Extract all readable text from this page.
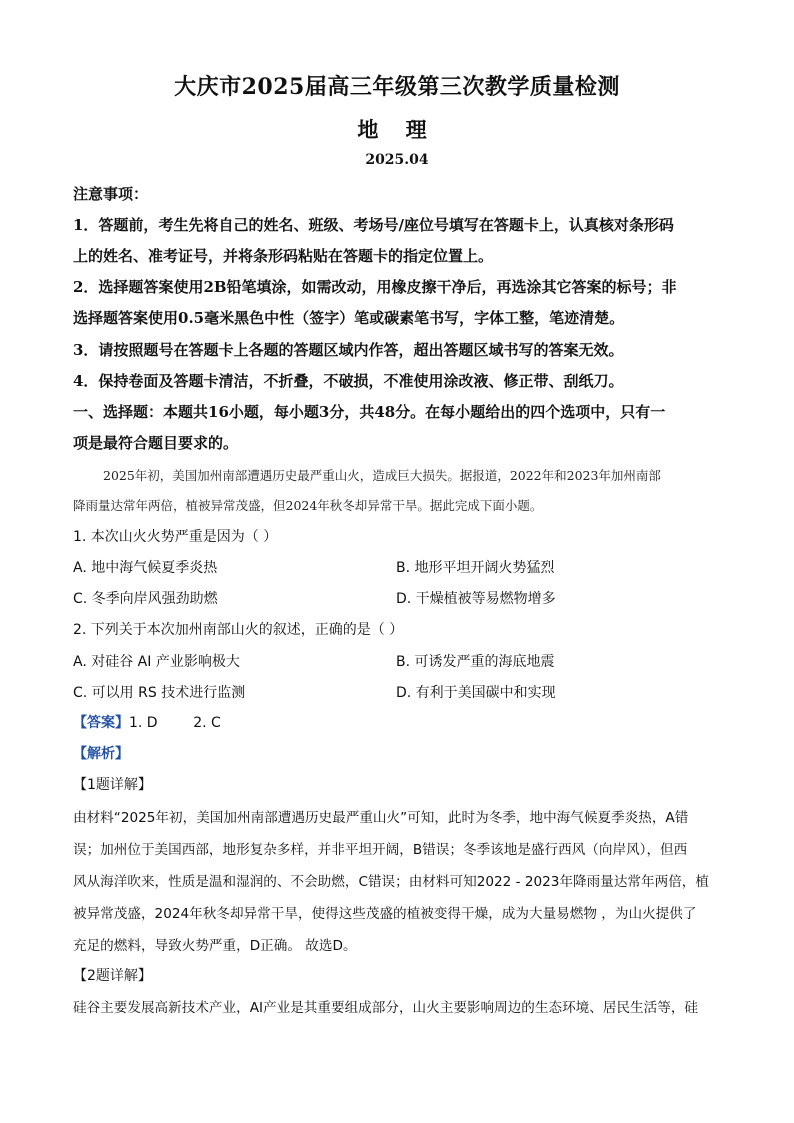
大庆市2025届高三年级第三次教学质量检测
地 理
2025.04
注意事项：
1．答题前，考生先将自己的姓名、班级、考场号/座位号填写在答题卡上，认真核对条形码
上的姓名、准考证号，并将条形码粘贴在答题卡的指定位置上。
2．选择题答案使用2B铅笔填涂，如需改动，用橡皮擦干净后，再选涂其它答案的标号；非
选择题答案使用0.5毫米黑色中性（签字）笔或碳素笔书写，字体工整，笔迹清楚。
3．请按照题号在答题卡上各题的答题区域内作答，超出答题区域书写的答案无效。
4．保持卷面及答题卡清洁，不折叠，不破损，不准使用涂改液、修正带、刮纸刀。
一、选择题：本题共16小题，每小题3分，共48分。在每小题给出的四个选项中，只有一
项是最符合题目要求的。
2025年初，美国加州南部遭遇历史最严重山火，造成巨大损失。据报道，2022年和2023年加州南部
降雨量达常年两倍，植被异常茂盛，但2024年秋冬却异常干旱。据此完成下面小题。
1. 本次山火火势严重是因为（ ）
A. 地中海气候夏季炎热	B. 地形平坦开阔火势猛烈
C. 冬季向岸风强劲助燃	D. 干燥植被等易燃物增多
2. 下列关于本次加州南部山火的叙述，正确的是（ ）
A. 对硅谷 AI 产业影响极大	B. 可诱发严重的海底地震
C. 可以用 RS 技术进行监测	D. 有利于美国碳中和实现
【答案】1. D        2. C
【解析】
【1题详解】
由材料“2025年初，美国加州南部遭遇历史最严重山火”可知，此时为冬季，地中海气候夏季炎热，A错
误；加州位于美国西部，地形复杂多样，并非平坦开阔，B错误；冬季该地是盛行西风（向岸风），但西
风从海洋吹来，性质是温和湿润的、不会助燃，C错误；由材料可知2022 - 2023年降雨量达常年两倍，植
被异常茂盛，2024年秋冬却异常干旱，使得这些茂盛的植被变得干燥，成为大量易燃物 ，为山火提供了
充足的燃料，导致火势严重，D正确。 故选D。
【2题详解】
硅谷主要发展高新技术产业，AI产业是其重要组成部分，山火主要影响周边的生态环境、居民生活等，硅
